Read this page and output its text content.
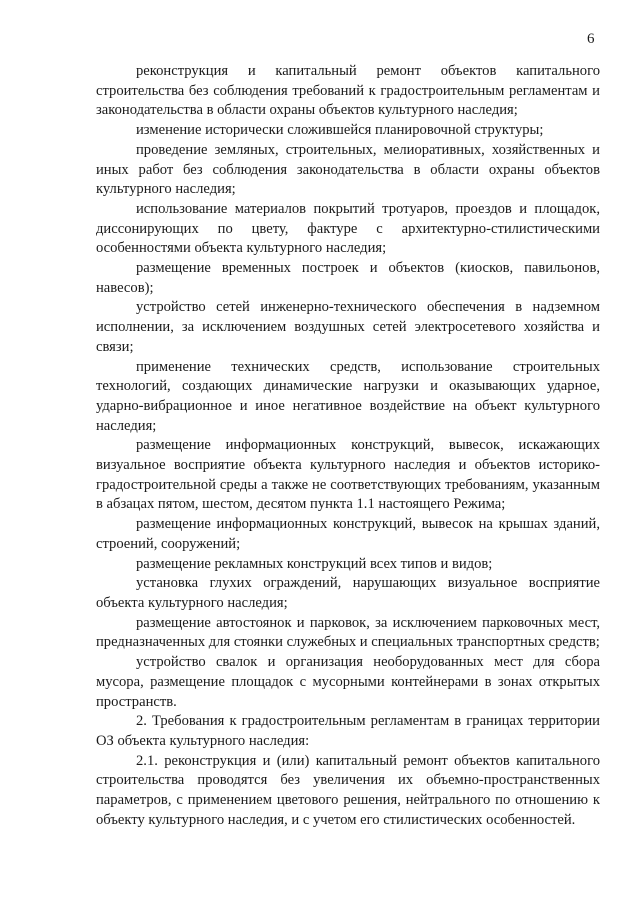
6

реконструкция и капитальный ремонт объектов капитального строительства без соблюдения требований к градостроительным регламентам и законодательства в области охраны объектов культурного наследия;

изменение исторически сложившейся планировочной структуры;

проведение земляных, строительных, мелиоративных, хозяйственных и иных работ без соблюдения законодательства в области охраны объектов культурного наследия;

использование материалов покрытий тротуаров, проездов и площадок, диссонирующих по цвету, фактуре с архитектурно-стилистическими особенностями объекта культурного наследия;

размещение временных построек и объектов (киосков, павильонов, навесов);

устройство сетей инженерно-технического обеспечения в надземном исполнении, за исключением воздушных сетей электросетевого хозяйства и связи;

применение технических средств, использование строительных технологий, создающих динамические нагрузки и оказывающих ударное, ударно-вибрационное и иное негативное воздействие на объект культурного наследия;

размещение информационных конструкций, вывесок, искажающих визуальное восприятие объекта культурного наследия и объектов историко-градостроительной среды а также не соответствующих требованиям, указанным в абзацах пятом, шестом, десятом пункта 1.1 настоящего Режима;

размещение информационных конструкций, вывесок на крышах зданий, строений, сооружений;

размещение рекламных конструкций всех типов и видов;

установка глухих ограждений, нарушающих визуальное восприятие объекта культурного наследия;

размещение автостоянок и парковок, за исключением парковочных мест, предназначенных для стоянки служебных и специальных транспортных средств;

устройство свалок и организация необорудованных мест для сбора мусора, размещение площадок с мусорными контейнерами в зонах открытых пространств.

2. Требования к градостроительным регламентам в границах территории ОЗ объекта культурного наследия:

2.1. реконструкция и (или) капитальный ремонт объектов капитального строительства проводятся без увеличения их объемно-пространственных параметров, с применением цветового решения, нейтрального по отношению к объекту культурного наследия, и с учетом его стилистических особенностей.
